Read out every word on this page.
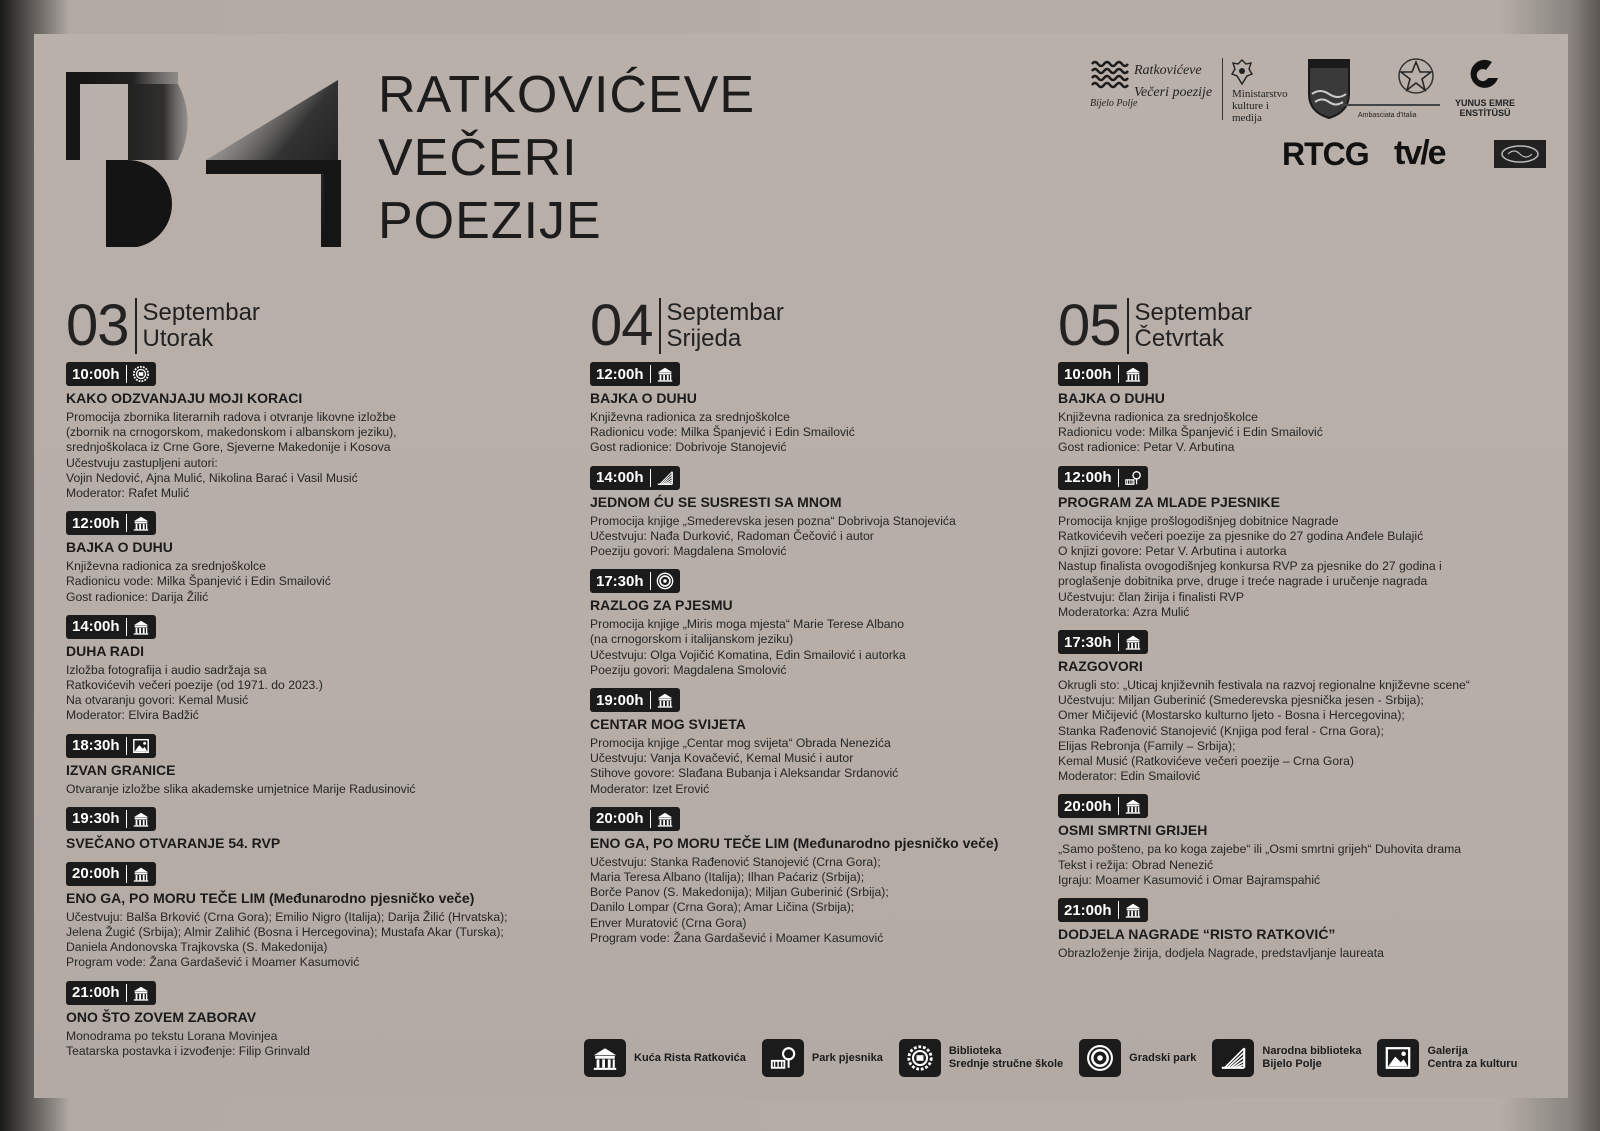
RATKOVIĆEVE
VEČERI
POEZIJE
Bijelo Polje
Ratkovićeve
Večeri poezije Ministarstvo
kulture i
medija	Ambasciata d'Italia
YUNUS EMRE
ENSTİTÜSÜ
RTCG tv/e
03 Septembar
Utorak
10:00h
KAKO ODZVANJAJU MOJI KORACI
Promocija zbornika literarnih radova i otvranje likovne izložbe
(zbornik na crnogorskom, makedonskom i albanskom jeziku),
srednjoškolaca iz Crne Gore, Sjeverne Makedonije i Kosova
Učestvuju zastupljeni autori:
Vojin Nedović, Ajna Mulić, Nikolina Barać i Vasil Musić
Moderator: Rafet Mulić
12:00h
BAJKA O DUHU
Književna radionica za srednjoškolce
Radionicu vode: Milka Španjević i Edin Smailović
Gost radionice: Darija Žilić
14:00h
DUHA RADI
Izložba fotografija i audio sadržaja sa
Ratkovićevih večeri poezije (od 1971. do 2023.)
Na otvaranju govori: Kemal Musić
Moderator: Elvira Badžić
18:30h
IZVAN GRANICE
Otvaranje izložbe slika akademske umjetnice Marije Radusinović
19:30h
SVEČANO OTVARANJE 54. RVP
20:00h
ENO GA, PO MORU TEČE LIM (Međunarodno pjesničko veče)
Učestvuju: Balša Brković (Crna Gora); Emilio Nigro (Italija); Darija Žilić (Hrvatska);
Jelena Žugić (Srbija); Almir Zalihić (Bosna i Hercegovina); Mustafa Akar (Turska);
Daniela Andonovska Trajkovska (S. Makedonija)
Program vode: Žana Gardašević i Moamer Kasumović
21:00h
ONO ŠTO ZOVEM ZABORAV
Monodrama po tekstu Lorana Movinjea
Teatarska postavka i izvođenje: Filip Grinvald
04 Septembar
Srijeda
12:00h
BAJKA O DUHU
Književna radionica za srednjoškolce
Radionicu vode: Milka Španjević i Edin Smailović
Gost radionice: Dobrivoje Stanojević
14:00h
JEDNOM ĆU SE SUSRESTI SA MNOM
Promocija knjige „Smederevska jesen pozna“ Dobrivoja Stanojevića
Učestvuju: Nađa Durković, Radoman Čečović i autor
Poeziju govori: Magdalena Smolović
17:30h
RAZLOG ZA PJESMU
Promocija knjige „Miris moga mjesta“ Marie Terese Albano
(na crnogorskom i italijanskom jeziku)
Učestvuju: Olga Vojičić Komatina, Edin Smailović i autorka
Poeziju govori: Magdalena Smolović
19:00h
CENTAR MOG SVIJETA
Promocija knjige „Centar mog svijeta“ Obrada Nenezića
Učestvuju: Vanja Kovačević, Kemal Musić i autor
Stihove govore: Slađana Bubanja i Aleksandar Srdanović
Moderator: Izet Erović
20:00h
ENO GA, PO MORU TEČE LIM (Međunarodno pjesničko veče)
Učestvuju: Stanka Rađenović Stanojević (Crna Gora);
Maria Teresa Albano (Italija); Ilhan Paćariz (Srbija);
Borče Panov (S. Makedonija); Miljan Guberinić (Srbija);
Danilo Lompar (Crna Gora); Amar Ličina (Srbija);
Enver Muratović (Crna Gora)
Program vode: Žana Gardašević i Moamer Kasumović
05 Septembar
Četvrtak
10:00h
BAJKA O DUHU
Književna radionica za srednjoškolce
Radionicu vode: Milka Španjević i Edin Smailović
Gost radionice: Petar V. Arbutina
12:00h
PROGRAM ZA MLADE PJESNIKE
Promocija knjige prošlogodišnjeg dobitnice Nagrade
Ratkovićevih večeri poezije za pjesnike do 27 godina Anđele Bulajić
O knjizi govore: Petar V. Arbutina i autorka
Nastup finalista ovogodišnjeg konkursa RVP za pjesnike do 27 godina i
proglašenje dobitnika prve, druge i treće nagrade i uručenje nagrada
Učestvuju: član žirija i finalisti RVP
Moderatorka: Azra Mulić
17:30h
RAZGOVORI
Okrugli sto: „Uticaj književnih festivala na razvoj regionalne književne scene“
Učestvuju: Miljan Guberinić (Smederevska pjesnička jesen - Srbija);
Omer Mičijević (Mostarsko kulturno ljeto - Bosna i Hercegovina);
Stanka Rađenović Stanojević (Knjiga pod feral - Crna Gora);
Elijas Rebronja (Family – Srbija);
Kemal Musić (Ratkovićeve večeri poezije – Crna Gora)
Moderator: Edin Smailović
20:00h
OSMI SMRTNI GRIJEH
„Samo pošteno, pa ko koga zajebe“ ili „Osmi smrtni grijeh“ Duhovita drama
Tekst i režija: Obrad Nenezić
Igraju: Moamer Kasumović i Omar Bajramspahić
21:00h
DODJELA NAGRADE “RISTO RATKOVIĆ”
Obrazloženje žirija, dodjela Nagrade, predstavljanje laureata
Kuća Rista Ratkovića	Park pjesnika
Biblioteka
Srednje stručne škole
Gradski park
Narodna biblioteka
Bijelo Polje
Galerija
Centra za kulturu
